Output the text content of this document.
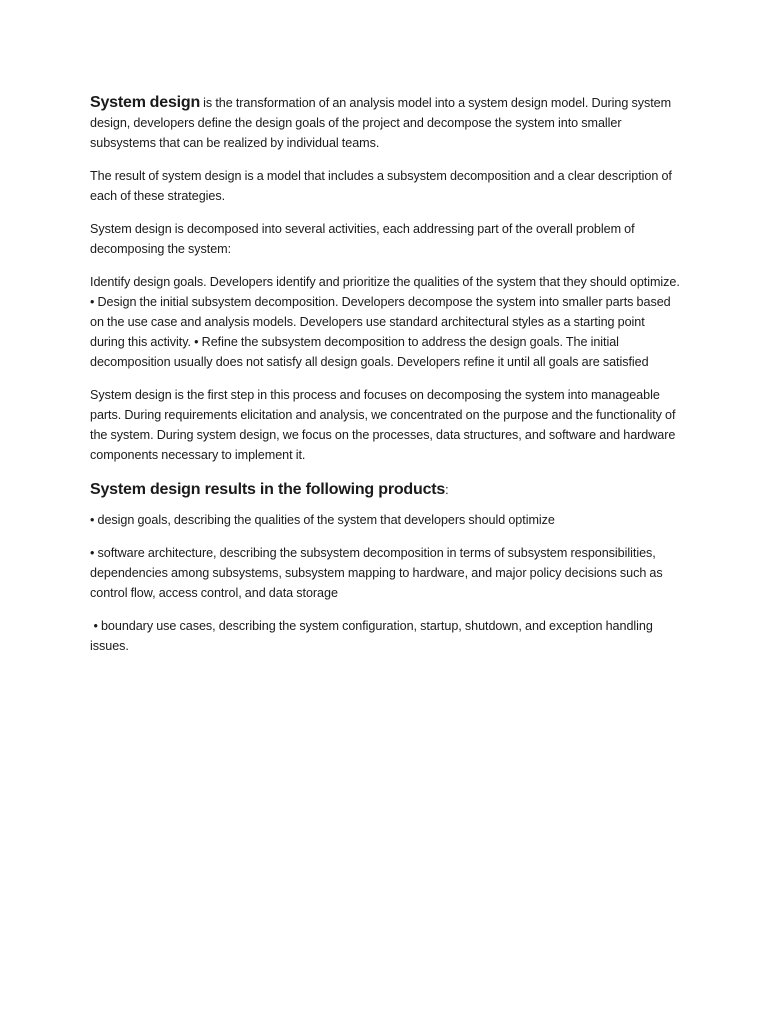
System design is the transformation of an analysis model into a system design model. During system design, developers define the design goals of the project and decompose the system into smaller subsystems that can be realized by individual teams.

The result of system design is a model that includes a subsystem decomposition and a clear description of each of these strategies.

System design is decomposed into several activities, each addressing part of the overall problem of decomposing the system:

Identify design goals. Developers identify and prioritize the qualities of the system that they should optimize. • Design the initial subsystem decomposition. Developers decompose the system into smaller parts based on the use case and analysis models. Developers use standard architectural styles as a starting point during this activity. • Refine the subsystem decomposition to address the design goals. The initial decomposition usually does not satisfy all design goals. Developers refine it until all goals are satisfied

System design is the first step in this process and focuses on decomposing the system into manageable parts. During requirements elicitation and analysis, we concentrated on the purpose and the functionality of the system. During system design, we focus on the processes, data structures, and software and hardware components necessary to implement it.

System design results in the following products:

• design goals, describing the qualities of the system that developers should optimize

• software architecture, describing the subsystem decomposition in terms of subsystem responsibilities, dependencies among subsystems, subsystem mapping to hardware, and major policy decisions such as control flow, access control, and data storage

• boundary use cases, describing the system configuration, startup, shutdown, and exception handling issues.
